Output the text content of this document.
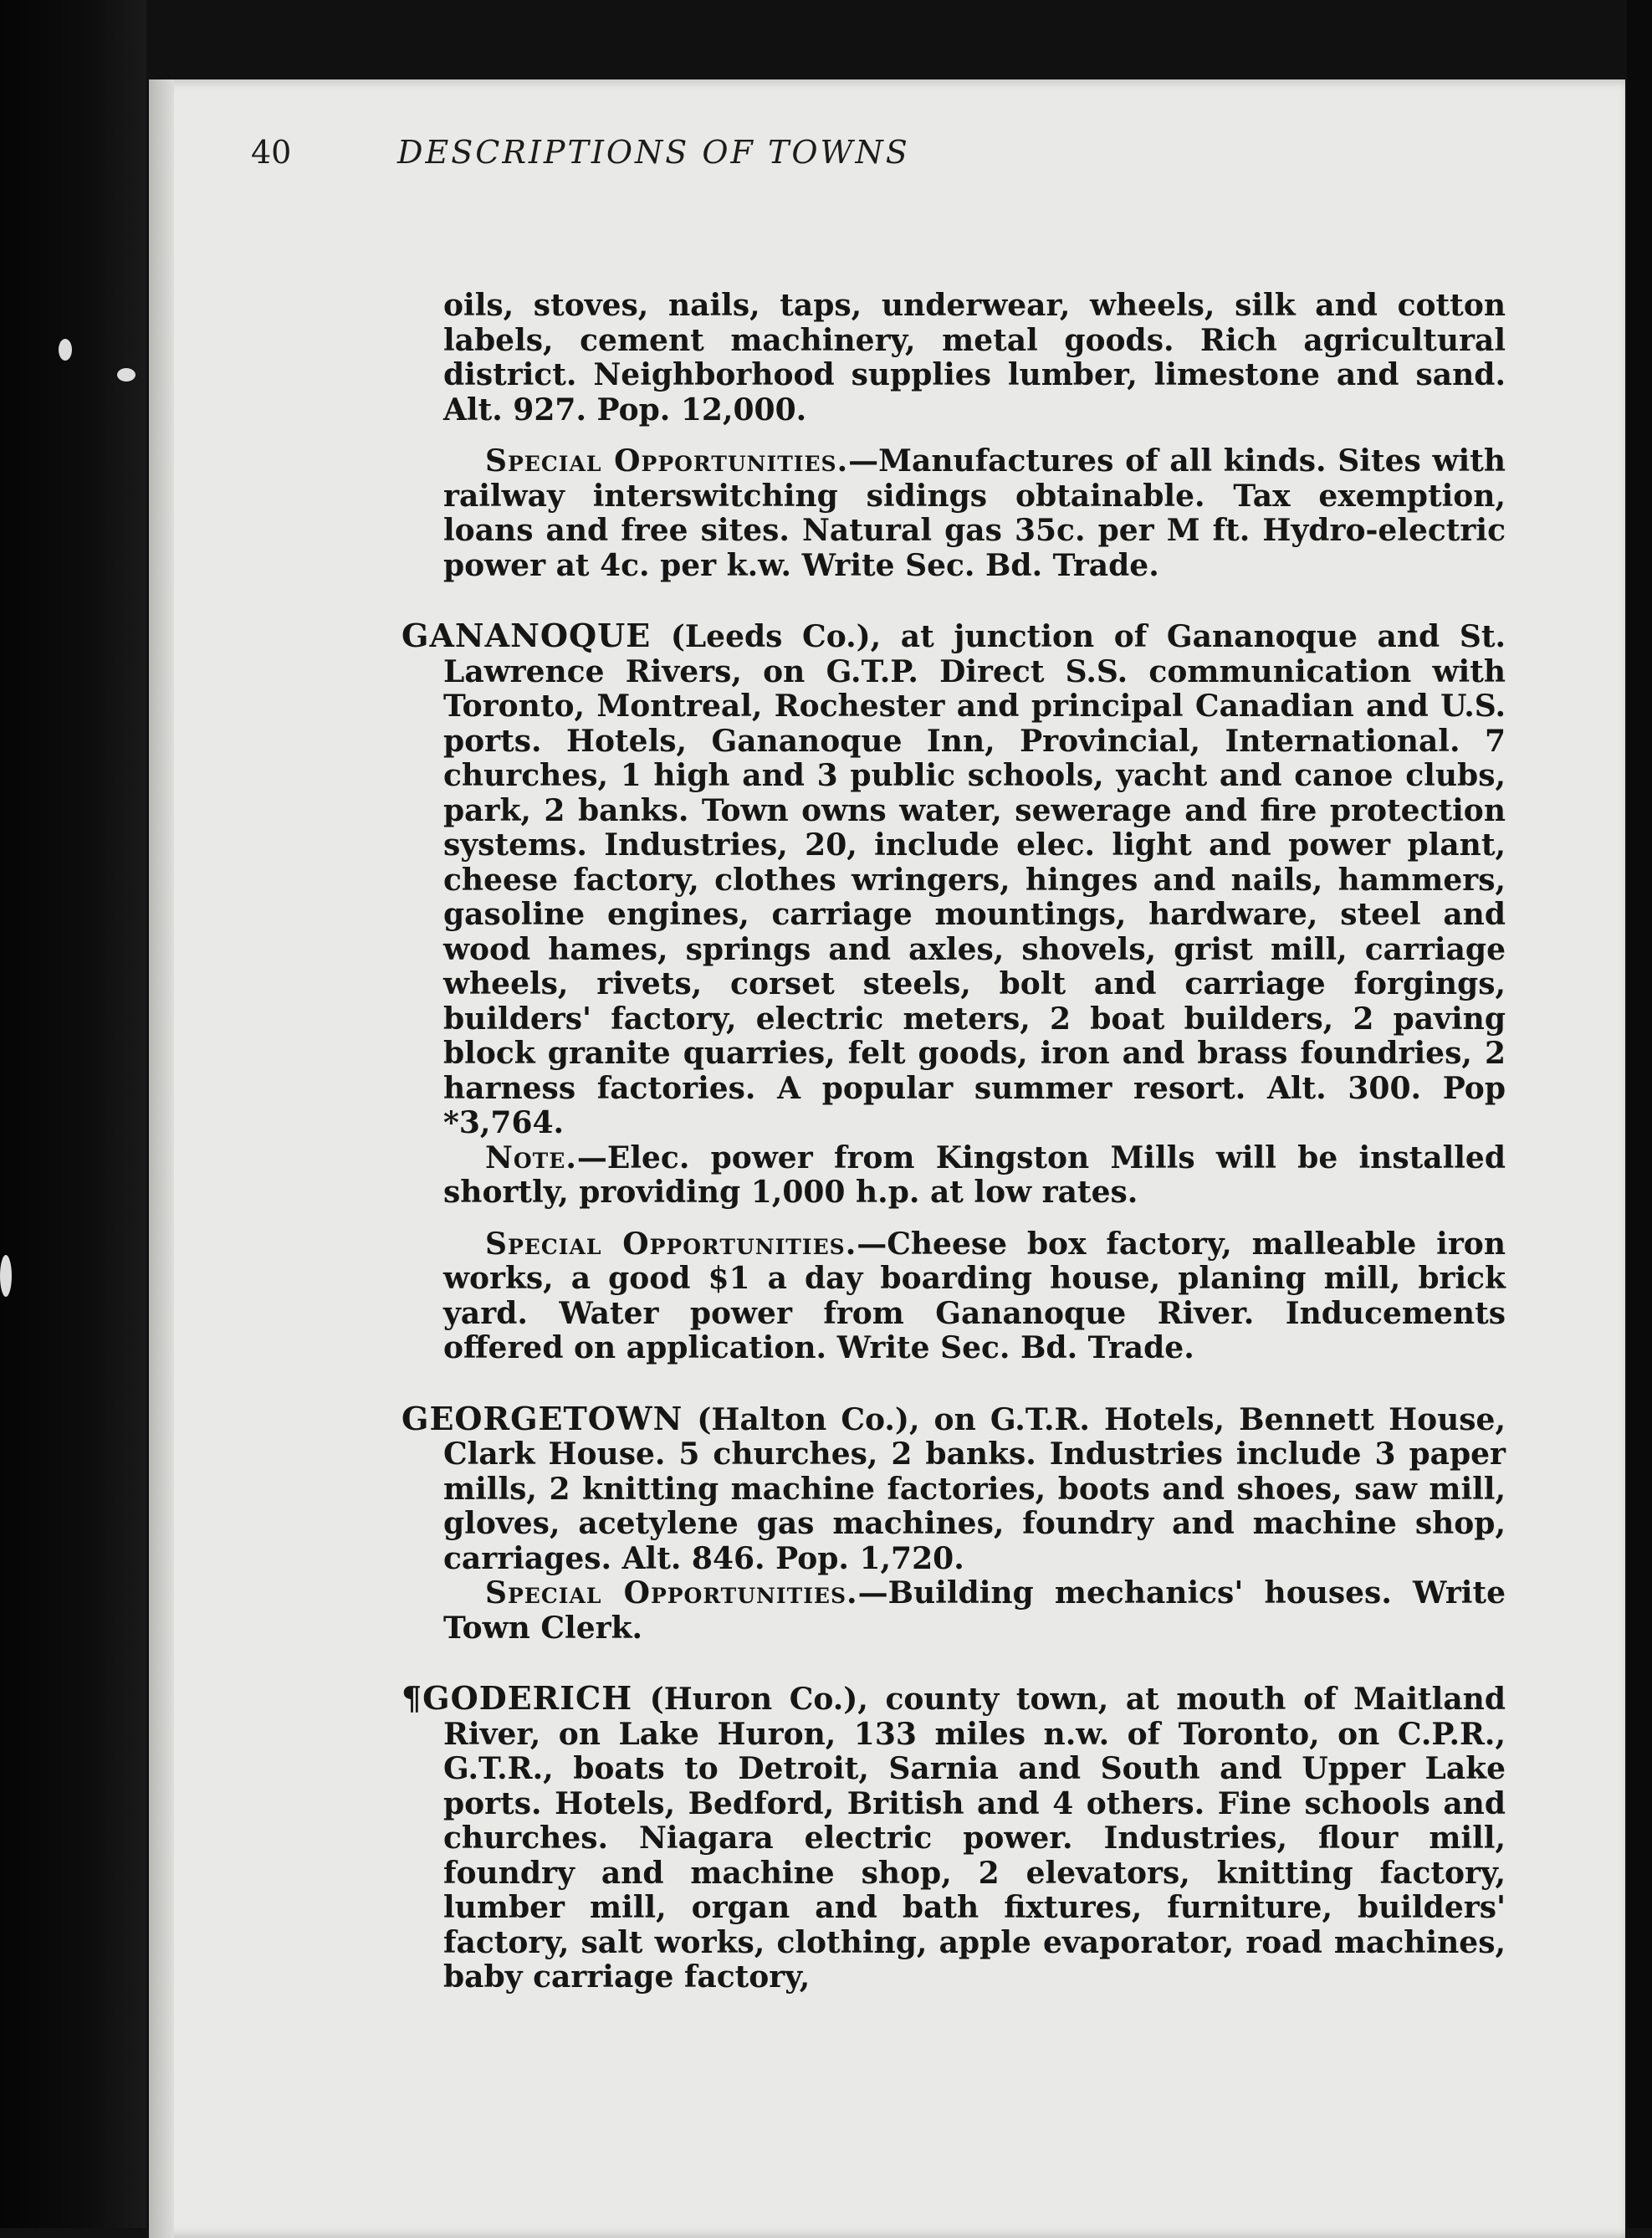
40	DESCRIPTIONS OF TOWNS

oils, stoves, nails, taps, underwear, wheels, silk and cotton labels, cement machinery, metal goods. Rich agricultural district. Neighborhood supplies lumber, limestone and sand. Alt. 927. Pop. 12,000.

Special Opportunities.—Manufactures of all kinds. Sites with railway interswitching sidings obtainable. Tax exemption, loans and free sites. Natural gas 35c. per M ft. Hydro-electric power at 4c. per k.w. Write Sec. Bd. Trade.

GANANOQUE (Leeds Co.), at junction of Gananoque and St. Lawrence Rivers, on G.T.P. Direct S.S. communication with Toronto, Montreal, Rochester and principal Canadian and U.S. ports. Hotels, Gananoque Inn, Provincial, International. 7 churches, 1 high and 3 public schools, yacht and canoe clubs, park, 2 banks. Town owns water, sewerage and fire protection systems. Industries, 20, include elec. light and power plant, cheese factory, clothes wringers, hinges and nails, hammers, gasoline engines, carriage mountings, hardware, steel and wood hames, springs and axles, shovels, grist mill, carriage wheels, rivets, corset steels, bolt and carriage forgings, builders' factory, electric meters, 2 boat builders, 2 paving block granite quarries, felt goods, iron and brass foundries, 2 harness factories. A popular summer resort. Alt. 300. Pop *3,764.

Note.—Elec. power from Kingston Mills will be installed shortly, providing 1,000 h.p. at low rates.

Special Opportunities.—Cheese box factory, malleable iron works, a good $1 a day boarding house, planing mill, brick yard. Water power from Gananoque River. Inducements offered on application. Write Sec. Bd. Trade.

GEORGETOWN (Halton Co.), on G.T.R. Hotels, Bennett House, Clark House. 5 churches, 2 banks. Industries include 3 paper mills, 2 knitting machine factories, boots and shoes, saw mill, gloves, acetylene gas machines, foundry and machine shop, carriages. Alt. 846. Pop. 1,720.

Special Opportunities.—Building mechanics' houses. Write Town Clerk.

¶GODERICH (Huron Co.), county town, at mouth of Maitland River, on Lake Huron, 133 miles n.w. of Toronto, on C.P.R., G.T.R., boats to Detroit, Sarnia and South and Upper Lake ports. Hotels, Bedford, British and 4 others. Fine schools and churches. Niagara electric power. Industries, flour mill, foundry and machine shop, 2 elevators, knitting factory, lumber mill, organ and bath fixtures, furniture, builders' factory, salt works, clothing, apple evaporator, road machines, baby carriage factory,
